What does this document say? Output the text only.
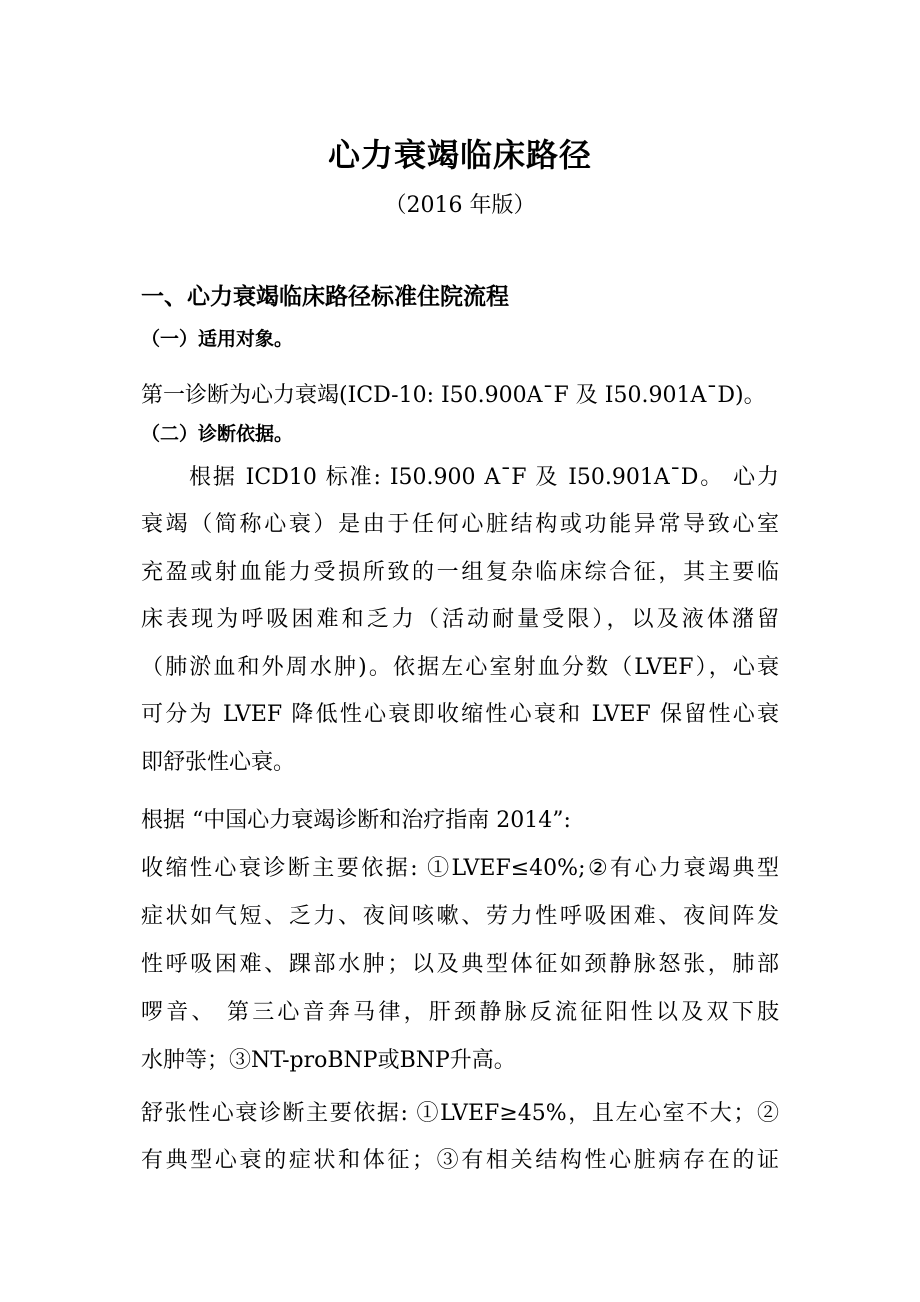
心力衰竭临床路径
（2016 年版）
一、心力衰竭临床路径标准住院流程
（一）适用对象。
第一诊断为心力衰竭(ICD-10: I50.900A¯F 及 I50.901A¯D)。
（二）诊断依据。
根据 ICD10 标准: I50.900 A¯F 及 I50.901A¯D。 心力
衰竭（简称心衰）是由于任何心脏结构或功能异常导致心室
充盈或射血能力受损所致的一组复杂临床综合征，其主要临
床表现为呼吸困难和乏力（活动耐量受限），以及液体潴留
（肺淤血和外周水肿)。依据左心室射血分数（LVEF），心衰
可分为 LVEF 降低性心衰即收缩性心衰和 LVEF 保留性心衰
即舒张性心衰。
根据 “中国心力衰竭诊断和治疗指南 2014”:
收缩性心衰诊断主要依据: ①LVEF≤40%;②有心力衰竭典型
症状如气短、乏力、夜间咳嗽、劳力性呼吸困难、夜间阵发
性呼吸困难、踝部水肿；以及典型体征如颈静脉怒张，肺部
啰音、 第三心音奔马律，肝颈静脉反流征阳性以及双下肢
水肿等；③NT-proBNP或BNP升高。
舒张性心衰诊断主要依据: ①LVEF≥45%，且左心室不大；②
有典型心衰的症状和体征；③有相关结构性心脏病存在的证
